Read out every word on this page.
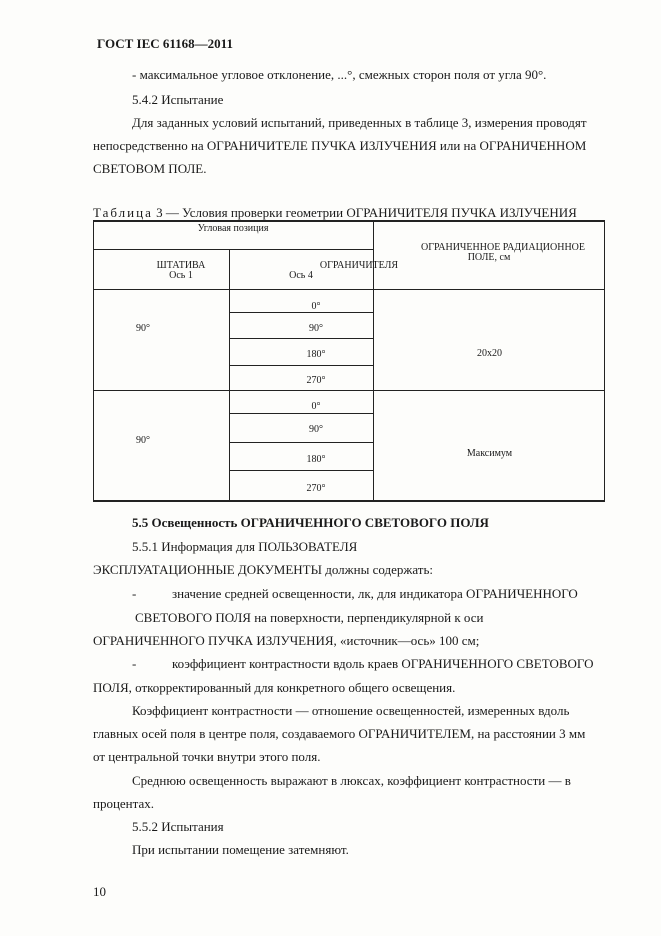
ГОСТ IEC 61168—2011
- максимальное угловое отклонение, ...°, смежных сторон поля от угла 90°.
5.4.2 Испытание
Для заданных условий испытаний, приведенных в таблице 3, измерения проводят
непосредственно на ОГРАНИЧИТЕЛЕ ПУЧКА ИЗЛУЧЕНИЯ или на ОГРАНИЧЕННОМ
СВЕТОВОМ ПОЛЕ.
Таблица 3 — Условия проверки геометрии ОГРАНИЧИТЕЛЯ ПУЧКА ИЗЛУЧЕНИЯ
Угловая позиция
ШТАТИВА
Ось 1
ОГРАНИЧИТЕЛЯ
Ось 4
ОГРАНИЧЕННОЕ РАДИАЦИОННОЕ
ПОЛЕ, см
90°
0°
90°
180°
270°
20x20
90°
0°
90°
180°
270°
Максимум
5.5 Освещенность ОГРАНИЧЕННОГО СВЕТОВОГО ПОЛЯ
5.5.1 Информация для ПОЛЬЗОВАТЕЛЯ
ЭКСПЛУАТАЦИОННЫЕ ДОКУМЕНТЫ должны содержать:
-	значение средней освещенности, лк, для индикатора ОГРАНИЧЕННОГО
СВЕТОВОГО ПОЛЯ на поверхности, перпендикулярной к оси
ОГРАНИЧЕННОГО ПУЧКА ИЗЛУЧЕНИЯ, «источник—ось» 100 см;
-	коэффициент контрастности вдоль краев ОГРАНИЧЕННОГО СВЕТОВОГО
ПОЛЯ, откорректированный для конкретного общего освещения.
Коэффициент контрастности — отношение освещенностей, измеренных вдоль
главных осей поля в центре поля, создаваемого ОГРАНИЧИТЕЛЕМ, на расстоянии 3 мм
от центральной точки внутри этого поля.
Среднюю освещенность выражают в люксах, коэффициент контрастности — в
процентах.
5.5.2 Испытания
При испытании помещение затемняют.
10
